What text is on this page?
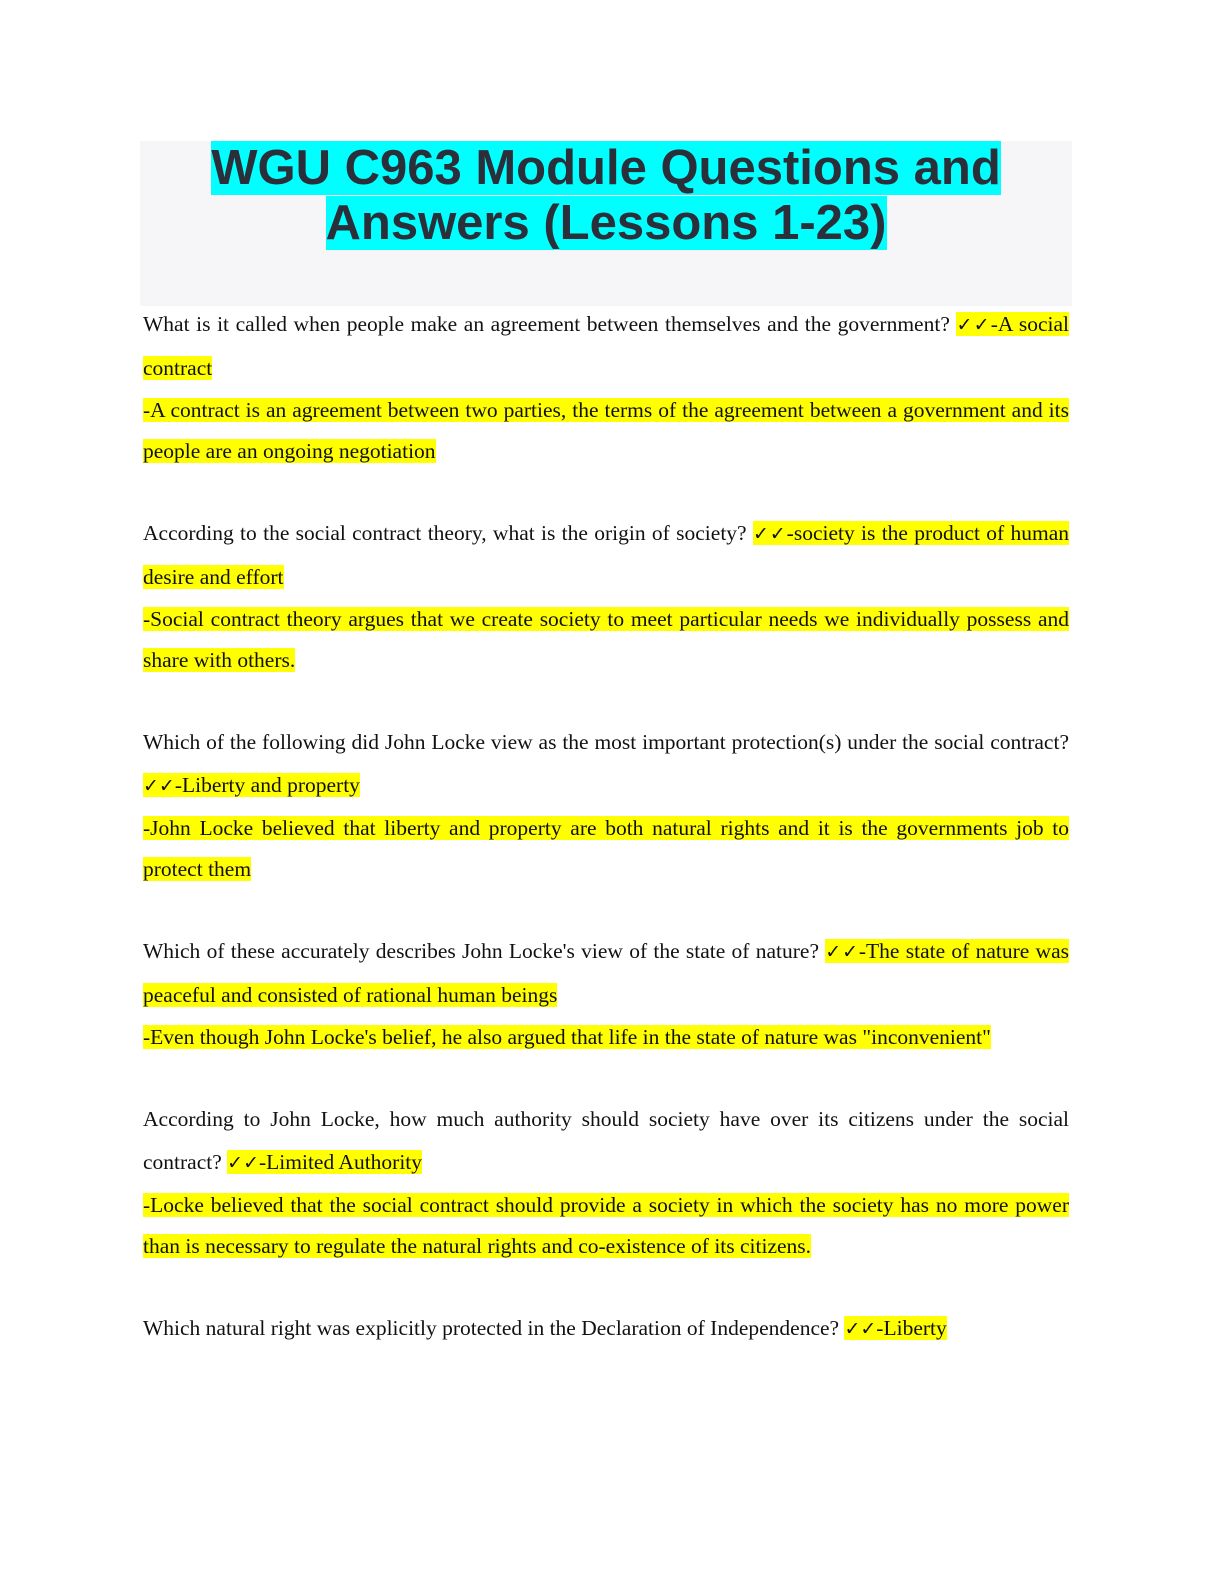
WGU C963 Module Questions and
Answers (Lessons 1-23)

What is it called when people make an agreement between themselves and the government? ✓✓-A social contract

-A contract is an agreement between two parties, the terms of the agreement between a government and its people are an ongoing negotiation

According to the social contract theory, what is the origin of society? ✓✓-society is the product of human desire and effort

-Social contract theory argues that we create society to meet particular needs we individually possess and share with others.

Which of the following did John Locke view as the most important protection(s) under the social contract? ✓✓-Liberty and property

-John Locke believed that liberty and property are both natural rights and it is the governments job to protect them

Which of these accurately describes John Locke's view of the state of nature? ✓✓-The state of nature was peaceful and consisted of rational human beings

-Even though John Locke's belief, he also argued that life in the state of nature was "inconvenient"

According to John Locke, how much authority should society have over its citizens under the social contract? ✓✓-Limited Authority

-Locke believed that the social contract should provide a society in which the society has no more power than is necessary to regulate the natural rights and co-existence of its citizens.

Which natural right was explicitly protected in the Declaration of Independence? ✓✓-Liberty
